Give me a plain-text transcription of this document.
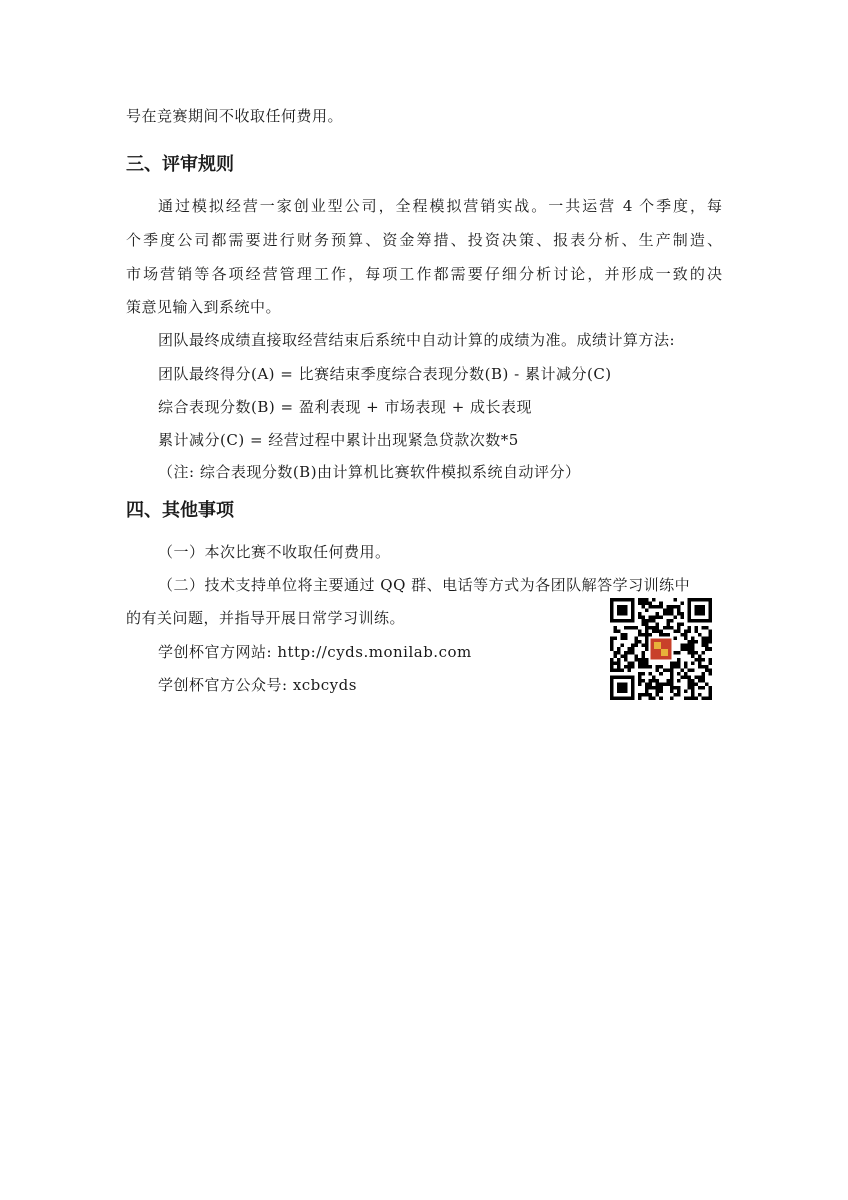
号在竞赛期间不收取任何费用。
三、评审规则
通过模拟经营一家创业型公司，全程模拟营销实战。一共运营 4 个季度，每
个季度公司都需要进行财务预算、资金筹措、投资决策、报表分析、生产制造、
市场营销等各项经营管理工作，每项工作都需要仔细分析讨论，并形成一致的决
策意见输入到系统中。
团队最终成绩直接取经营结束后系统中自动计算的成绩为准。成绩计算方法:
团队最终得分(A) = 比赛结束季度综合表现分数(B) - 累计减分(C)
综合表现分数(B) = 盈利表现 + 市场表现 + 成长表现
累计减分(C) = 经营过程中累计出现紧急贷款次数*5
（注: 综合表现分数(B)由计算机比赛软件模拟系统自动评分）
四、其他事项
（一）本次比赛不收取任何费用。
（二）技术支持单位将主要通过 QQ 群、电话等方式为各团队解答学习训练中
的有关问题，并指导开展日常学习训练。
学创杯官方网站: http://cyds.monilab.com
学创杯官方公众号: xcbcyds
